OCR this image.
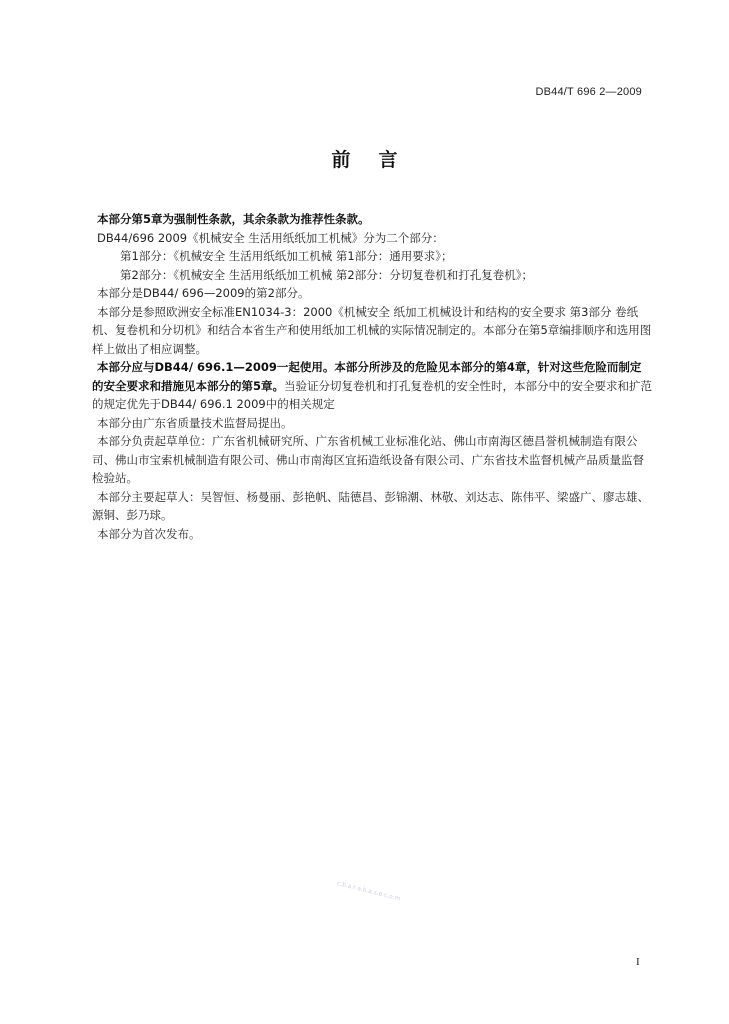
DB44/T 696 2—2009
前言

本部分第5章为强制性条款，其余条款为推荐性条款。

DB44/696 2009《机械安全 生活用纸纸加工机械》分为二个部分：

第1部分：《机械安全 生活用纸纸加工机械 第1部分：通用要求》；

第2部分：《机械安全 生活用纸纸加工机械 第2部分：分切复卷机和打孔复卷机》；

本部分是DB44/ 696—2009的第2部分。

本部分是参照欧洲安全标准EN1034-3：2000《机械安全 纸加工机械设计和结构的安全要求 第3部分 卷纸机、复卷机和分切机》和结合本省生产和使用纸加工机械的实际情况制定的。本部分在第5章编排顺序和选用图样上做出了相应调整。

本部分应与DB44/ 696.1—2009一起使用。本部分所涉及的危险见本部分的第4章，针对这些危险而制定的安全要求和措施见本部分的第5章。当验证分切复卷机和打孔复卷机的安全性时，本部分中的安全要求和扩范的规定优先于DB44/ 696.1 2009中的相关规定

本部分由广东省质量技术监督局提出。

本部分负责起草单位：广东省机械研究所、广东省机械工业标准化站、佛山市南海区德昌誉机械制造有限公司、佛山市宝索机械制造有限公司、佛山市南海区宜拓造纸设备有限公司、广东省技术监督机械产品质量监督检验站。

本部分主要起草人：吴智恒、杨曼丽、彭艳帆、陆德昌、彭锦潮、林敬、刘达志、陈伟平、梁盛广、廖志雄、源铜、彭乃球。

本部分为首次发布。

c.b.a.t.a.b.a.s.e.c.o.m
I
